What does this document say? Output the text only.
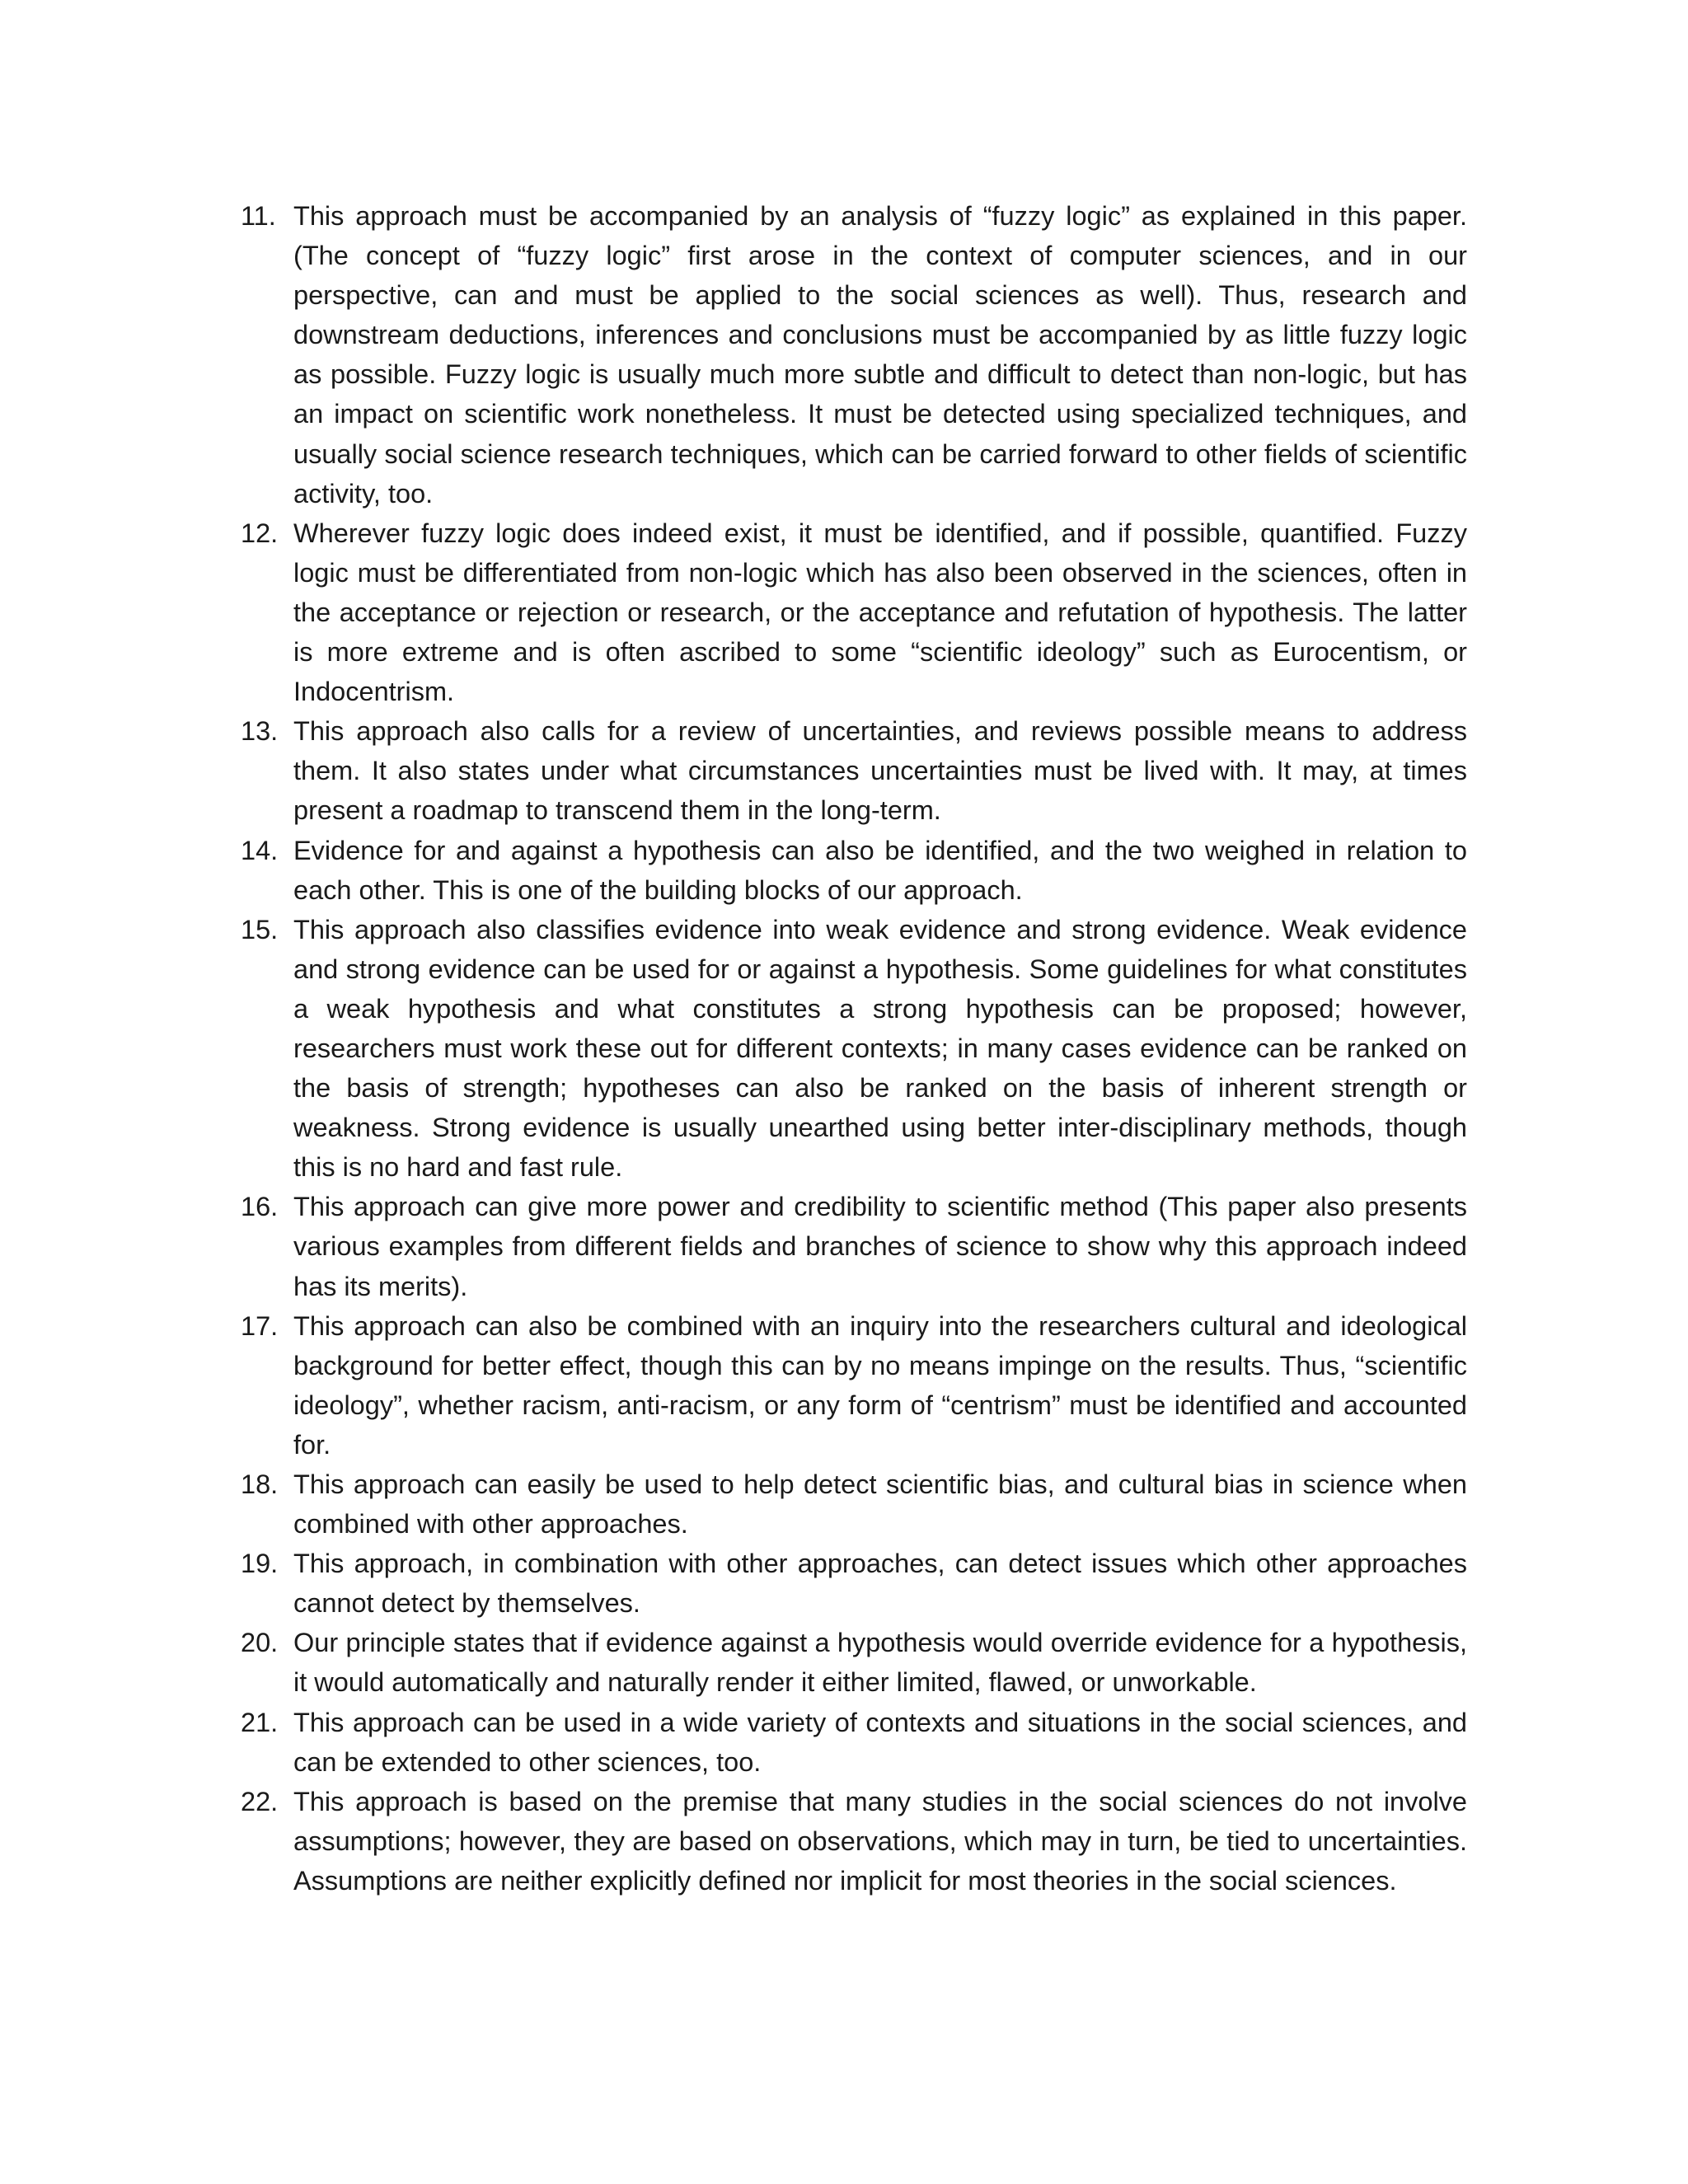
11. This approach must be accompanied by an analysis of “fuzzy logic” as explained in this paper. (The concept of “fuzzy logic” first arose in the context of computer sciences, and in our perspective, can and must be applied to the social sciences as well). Thus, research and downstream deductions, inferences and conclusions must be accompanied by as little fuzzy logic as possible. Fuzzy logic is usually much more subtle and difficult to detect than non-logic, but has an impact on scientific work nonetheless. It must be detected using specialized techniques, and usually social science research techniques, which can be carried forward to other fields of scientific activity, too.
12. Wherever fuzzy logic does indeed exist, it must be identified, and if possible, quantified. Fuzzy logic must be differentiated from non-logic which has also been observed in the sciences, often in the acceptance or rejection or research, or the acceptance and refutation of hypothesis. The latter is more extreme and is often ascribed to some “scientific ideology” such as Eurocentism, or Indocentrism.
13. This approach also calls for a review of uncertainties, and reviews possible means to address them. It also states under what circumstances uncertainties must be lived with. It may, at times present a roadmap to transcend them in the long-term.
14. Evidence for and against a hypothesis can also be identified, and the two weighed in relation to each other. This is one of the building blocks of our approach.
15. This approach also classifies evidence into weak evidence and strong evidence. Weak evidence and strong evidence can be used for or against a hypothesis. Some guidelines for what constitutes a weak hypothesis and what constitutes a strong hypothesis can be proposed; however, researchers must work these out for different contexts; in many cases evidence can be ranked on the basis of strength; hypotheses can also be ranked on the basis of inherent strength or weakness. Strong evidence is usually unearthed using better inter-disciplinary methods, though this is no hard and fast rule.
16. This approach can give more power and credibility to scientific method (This paper also presents various examples from different fields and branches of science to show why this approach indeed has its merits).
17. This approach can also be combined with an inquiry into the researchers cultural and ideological background for better effect, though this can by no means impinge on the results. Thus, “scientific ideology”, whether racism, anti-racism, or any form of “centrism” must be identified and accounted for.
18. This approach can easily be used to help detect scientific bias, and cultural bias in science when combined with other approaches.
19. This approach, in combination with other approaches, can detect issues which other approaches cannot detect by themselves.
20. Our principle states that if evidence against a hypothesis would override evidence for a hypothesis, it would automatically and naturally render it either limited, flawed, or unworkable.
21. This approach can be used in a wide variety of contexts and situations in the social sciences, and can be extended to other sciences, too.
22. This approach is based on the premise that many studies in the social sciences do not involve assumptions; however, they are based on observations, which may in turn, be tied to uncertainties. Assumptions are neither explicitly defined nor implicit for most theories in the social sciences.
